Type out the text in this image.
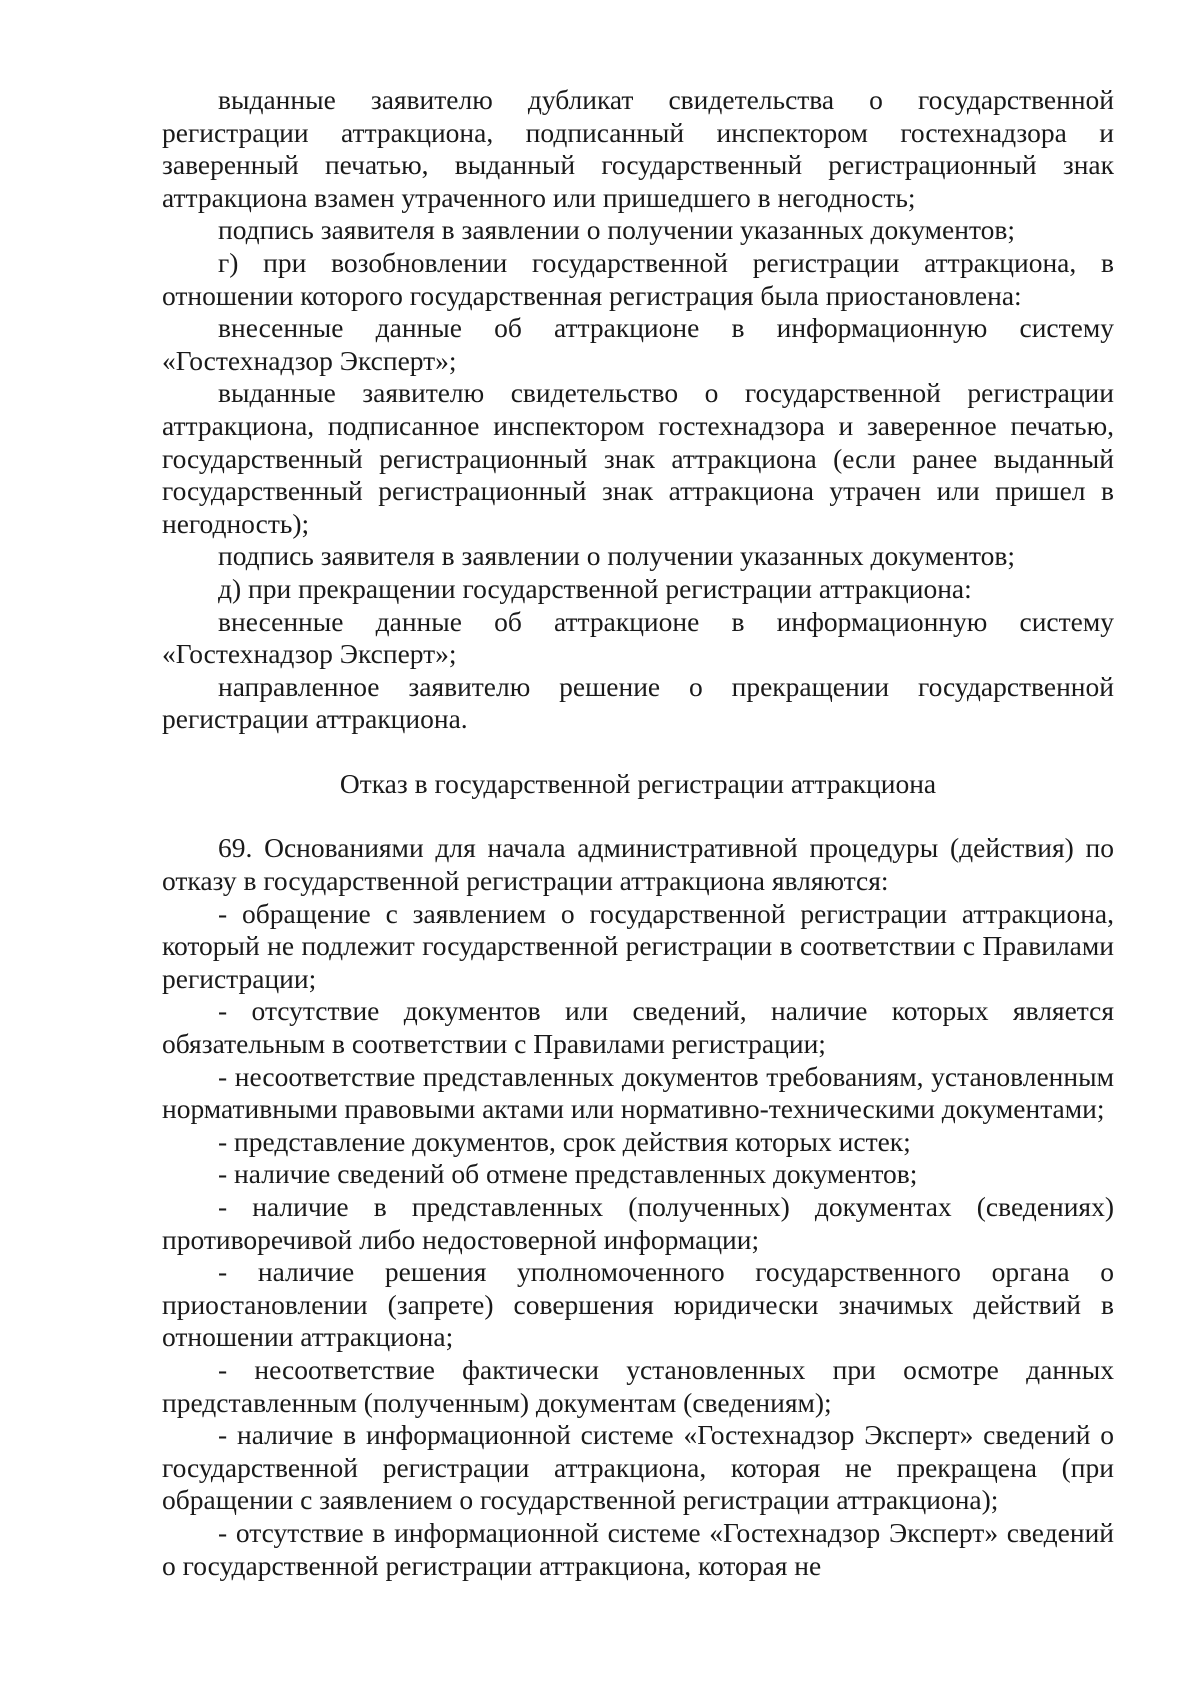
выданные заявителю дубликат свидетельства о государственной регистрации аттракциона, подписанный инспектором гостехнадзора и заверенный печатью, выданный государственный регистрационный знак аттракциона взамен утраченного или пришедшего в негодность;

подпись заявителя в заявлении о получении указанных документов;

г) при возобновлении государственной регистрации аттракциона, в отношении которого государственная регистрация была приостановлена:

внесенные данные об аттракционе в информационную систему «Гостехнадзор Эксперт»;

выданные заявителю свидетельство о государственной регистрации аттракциона, подписанное инспектором гостехнадзора и заверенное печатью, государственный регистрационный знак аттракциона (если ранее выданный государственный регистрационный знак аттракциона утрачен или пришел в негодность);

подпись заявителя в заявлении о получении указанных документов;

д) при прекращении государственной регистрации аттракциона:

внесенные данные об аттракционе в информационную систему «Гостехнадзор Эксперт»;

направленное заявителю решение о прекращении государственной регистрации аттракциона.

Отказ в государственной регистрации аттракциона

69. Основаниями для начала административной процедуры (действия) по отказу в государственной регистрации аттракциона являются:

- обращение с заявлением о государственной регистрации аттракциона, который не подлежит государственной регистрации в соответствии с Правилами регистрации;

- отсутствие документов или сведений, наличие которых является обязательным в соответствии с Правилами регистрации;

- несоответствие представленных документов требованиям, установленным нормативными правовыми актами или нормативно-техническими документами;

- представление документов, срок действия которых истек;

- наличие сведений об отмене представленных документов;

- наличие в представленных (полученных) документах (сведениях) противоречивой либо недостоверной информации;

- наличие решения уполномоченного государственного органа о приостановлении (запрете) совершения юридически значимых действий в отношении аттракциона;

- несоответствие фактически установленных при осмотре данных представленным (полученным) документам (сведениям);

- наличие в информационной системе «Гостехнадзор Эксперт» сведений о государственной регистрации аттракциона, которая не прекращена (при обращении с заявлением о государственной регистрации аттракциона);

- отсутствие в информационной системе «Гостехнадзор Эксперт» сведений о государственной регистрации аттракциона, которая не
